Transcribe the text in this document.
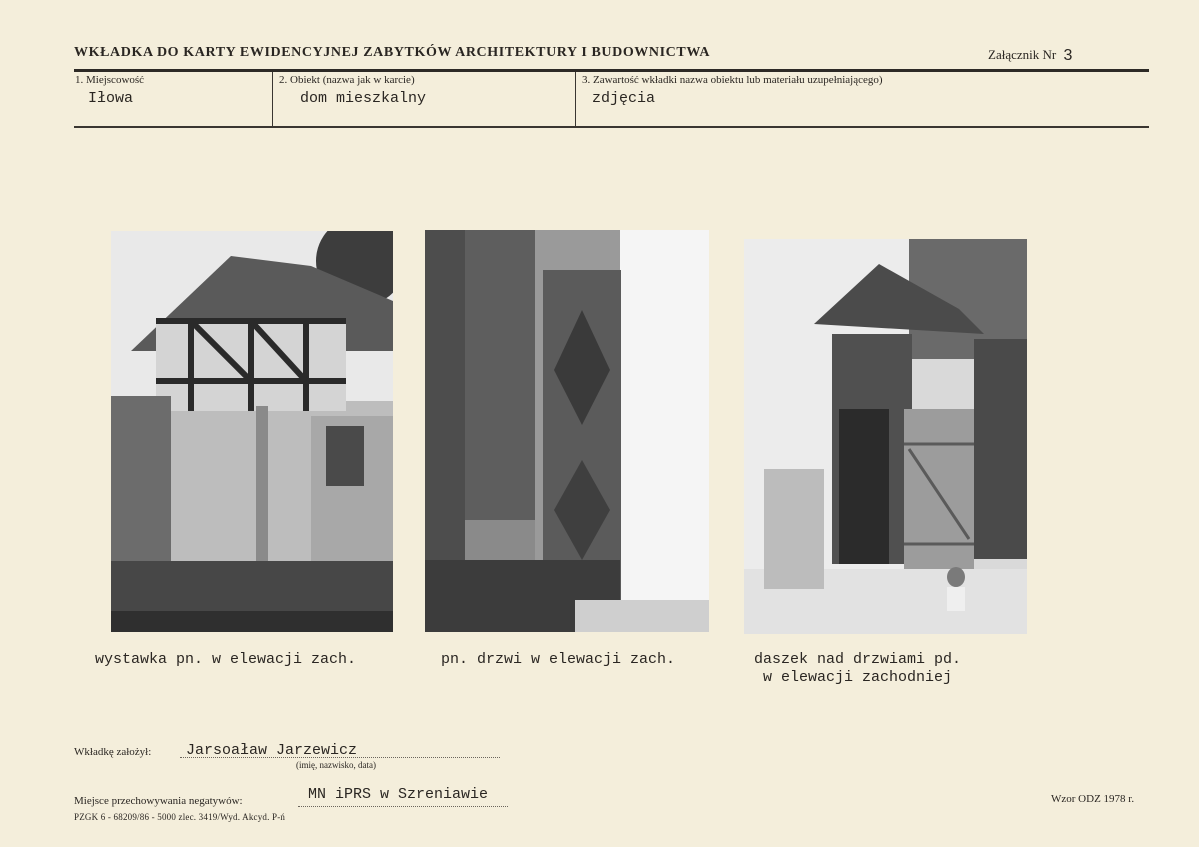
WKŁADKA DO KARTY EWIDENCYJNEJ ZABYTKÓW ARCHITEKTURY I BUDOWNICTWA	Załącznik Nr 3
1. Miejscowość
Iłowa
2. Obiekt (nazwa jak w karcie)
dom mieszkalny
3. Zawartość wkładki nazwa obiektu lub materiału uzupełniającego)
zdjęcia
wystawka pn. w elewacji zach.	pn. drzwi w elewacji zach.	daszek nad drzwiami pd.
w elewacji zachodniej
Wkładkę założył: Jarsoaław Jarzewicz
(imię, nazwisko, data)
Miejsce przechowywania negatywów:	MN iPRS w Szreniawie
PZGK 6 - 68209/86 - 5000 zlec. 3419/Wyd. Akcyd. P-ń
Wzor ODZ 1978 r.
